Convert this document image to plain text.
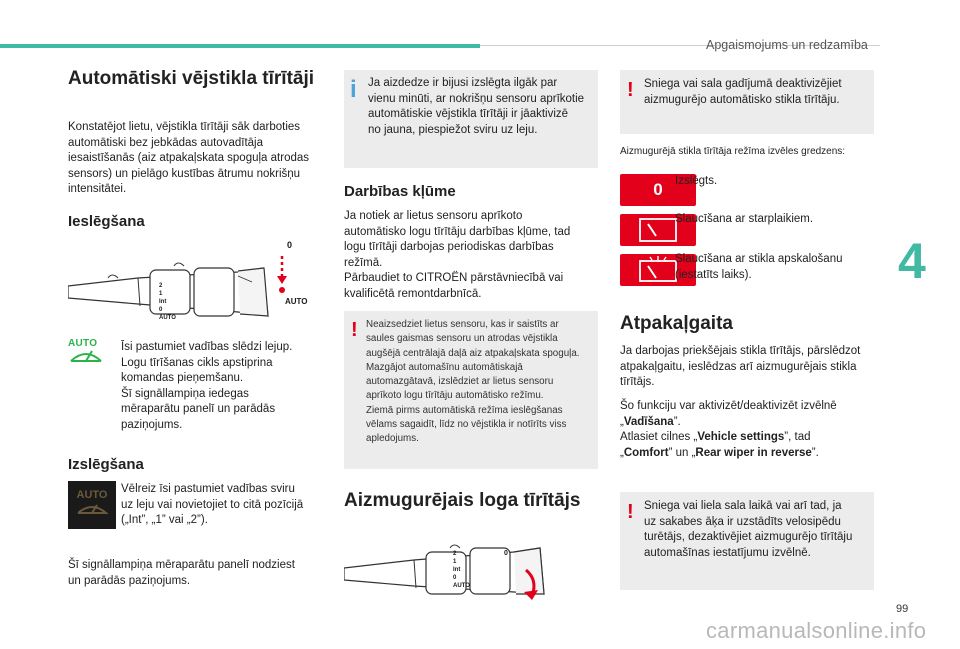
Apgaismojums un redzamība
4
99
carmanualsonline.info
Automātiski vējstikla tīrītāji
Konstatējot lietu, vējstikla tīrītāji sāk darboties
automātiski bez jebkādas autovadītāja
iesaistīšanās (aiz atpakaļskata spoguļa atrodas
sensors) un pielāgo kustības ātrumu nokrišņu
intensitātei.
Ieslēgšana
2
1
Int
0
AUTO
0
AUTO
AUTO	Īsi pastumiet vadības slēdzi lejup.
Logu tīrīšanas cikls apstiprina
komandas pieņemšanu.
Šī signāllampiņa iedegas
mēraparātu panelī un parādās
paziņojums.
Izslēgšana
AUTO	Vēlreiz īsi pastumiet vadības sviru
uz leju vai novietojiet to citā pozīcijā
(„Int”, „1” vai „2”).
Šī signāllampiņa mēraparātu panelī nodziest
un parādās paziņojums.
i Ja aizdedze ir bijusi izslēgta ilgāk par
vienu minūti, ar nokrišņu sensoru aprīkotie
automātiskie vējstikla tīrītāji ir jāaktivizē
no jauna, piespiežot sviru uz leju.
Darbības kļūme
Ja notiek ar lietus sensoru aprīkoto
automātisko logu tīrītāju darbības kļūme, tad
logu tīrītāji darbojas periodiskas darbības
režīmā.
Pārbaudiet to CITROËN pārstāvniecībā vai
kvalificētā remontdarbnīcā.
! Neaizsedziet lietus sensoru, kas ir saistīts ar
saules gaismas sensoru un atrodas vējstikla
augšējā centrālajā daļā aiz atpakaļskata spoguļa.
Mazgājot automašīnu automātiskajā
automazgātavā, izslēdziet ar lietus sensoru
aprīkoto logu tīrītāju automātisko režīmu.
Ziemā pirms automātiskā režīma ieslēgšanas
vēlams sagaidīt, līdz no vējstikla ir notīrīts viss
apledojums.
Aizmugurējais loga tīrītājs
2
1
Int
0
AUTO
0
! Sniega vai sala gadījumā deaktivizējiet
aizmugurējo automātisko stikla tīrītāju.
Aizmugurējā stikla tīrītāja režīma izvēles gredzens:
0	Izslēgts.
Slaucīšana ar starplaikiem.
Slaucīšana ar stikla apskalošanu
(iestatīts laiks).
Atpakaļgaita
Ja darbojas priekšējais stikla tīrītājs, pārslēdzot
atpakaļgaitu, ieslēdzas arī aizmugurējais stikla
tīrītājs.
Šo funkciju var aktivizēt/deaktivizēt izvēlnē
„Vadīšana”.
Atlasiet cilnes „Vehicle settings”, tad
„Comfort” un „Rear wiper in reverse”.
! Sniega vai liela sala laikā vai arī tad, ja
uz sakabes āķa ir uzstādīts velosipēdu
turētājs, dezaktivējiet aizmugurējo tīrītāju
automašīnas iestatījumu izvēlnē.
